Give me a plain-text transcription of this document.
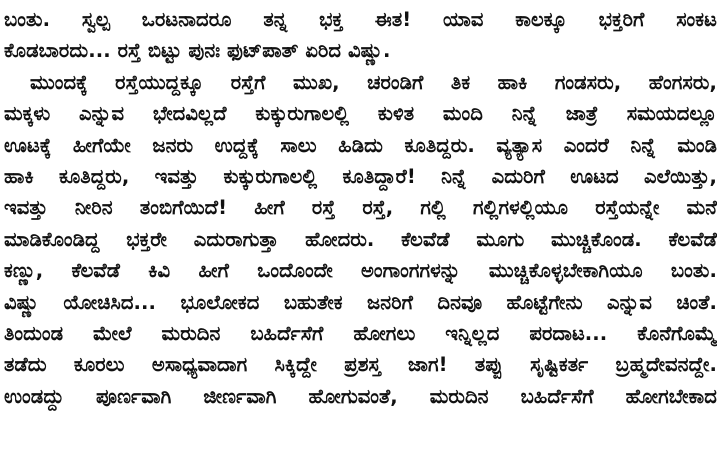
ಬಂತು. ಸ್ವಲ್ಪ ಒರಟನಾದರೂ ತನ್ನ ಭಕ್ತ ಈತ! ಯಾವ ಕಾಲಕ್ಕೂ ಭಕ್ತರಿಗೆ ಸಂಕಟ
ಕೊಡಬಾರದು... ರಸ್ತೆ ಬಿಟ್ಟು ಪುನಃ ಫುಟ್‌ಪಾತ್ ಏರಿದ ವಿಷ್ಣು.
ಮುಂದಕ್ಕೆ ರಸ್ತೆಯುದ್ದಕ್ಕೂ ರಸ್ತೆಗೆ ಮುಖ, ಚರಂಡಿಗೆ ತಿಕ ಹಾಕಿ ಗಂಡಸರು, ಹೆಂಗಸರು,
ಮಕ್ಕಳು ಎನ್ನುವ ಭೇದವಿಲ್ಲದೆ ಕುಕ್ಕುರುಗಾಲಲ್ಲಿ ಕುಳಿತ ಮಂದಿ ನಿನ್ನೆ ಜಾತ್ರೆ ಸಮಯದಲ್ಲೂ
ಊಟಕ್ಕೆ ಹೀಗೆಯೇ ಜನರು ಉದ್ದಕ್ಕೆ ಸಾಲು ಹಿಡಿದು ಕೂತಿದ್ದರು. ವ್ಯತ್ಯಾಸ ಎಂದರೆ ನಿನ್ನೆ ಮಂಡಿ
ಹಾಕಿ ಕೂತಿದ್ದರು, ಇವತ್ತು ಕುಕ್ಕುರುಗಾಲಲ್ಲಿ ಕೂತಿದ್ದಾರೆ! ನಿನ್ನೆ ಎದುರಿಗೆ ಊಟದ ಎಲೆಯಿತ್ತು,
ಇವತ್ತು ನೀರಿನ ತಂಬಿಗೆಯಿದೆ! ಹೀಗೆ ರಸ್ತೆ ರಸ್ತೆ, ಗಲ್ಲಿ ಗಲ್ಲಿಗಳಲ್ಲಿಯೂ ರಸ್ತೆಯನ್ನೇ ಮನೆ
ಮಾಡಿಕೊಂಡಿದ್ದ ಭಕ್ತರೇ ಎದುರಾಗುತ್ತಾ ಹೋದರು. ಕೆಲವೆಡೆ ಮೂಗು ಮುಚ್ಚಿಕೊಂಡ. ಕೆಲವೆಡೆ
ಕಣ್ಣು, ಕೆಲವೆಡೆ ಕಿವಿ ಹೀಗೆ ಒಂದೊಂದೇ ಅಂಗಾಂಗಗಳನ್ನು ಮುಚ್ಚಿಕೊಳ್ಳಬೇಕಾಗಿಯೂ ಬಂತು.
ವಿಷ್ಣು ಯೋಚಿಸಿದ... ಭೂಲೋಕದ ಬಹುತೇಕ ಜನರಿಗೆ ದಿನವೂ ಹೊಟ್ಟೆಗೇನು ಎನ್ನುವ ಚಿಂತೆ.
ತಿಂದುಂಡ ಮೇಲೆ ಮರುದಿನ ಬಹಿರ್ದೆಸೆಗೆ ಹೋಗಲು ಇನ್ನಿಲ್ಲದ ಪರದಾಟ... ಕೊನೆಗೊಮ್ಮೆ
ತಡೆದು ಕೂರಲು ಅಸಾಧ್ಯವಾದಾಗ ಸಿಕ್ಕಿದ್ದೇ ಪ್ರಶಸ್ತ ಜಾಗ! ತಪ್ಪು ಸೃಷ್ಟಿಕರ್ತ ಬ್ರಹ್ಮದೇವನದ್ದೇ.
ಉಂಡದ್ದು ಪೂರ್ಣವಾಗಿ ಜೀರ್ಣವಾಗಿ ಹೋಗುವಂತೆ, ಮರುದಿನ ಬಹಿರ್ದೆಸೆಗೆ ಹೋಗಬೇಕಾದ
